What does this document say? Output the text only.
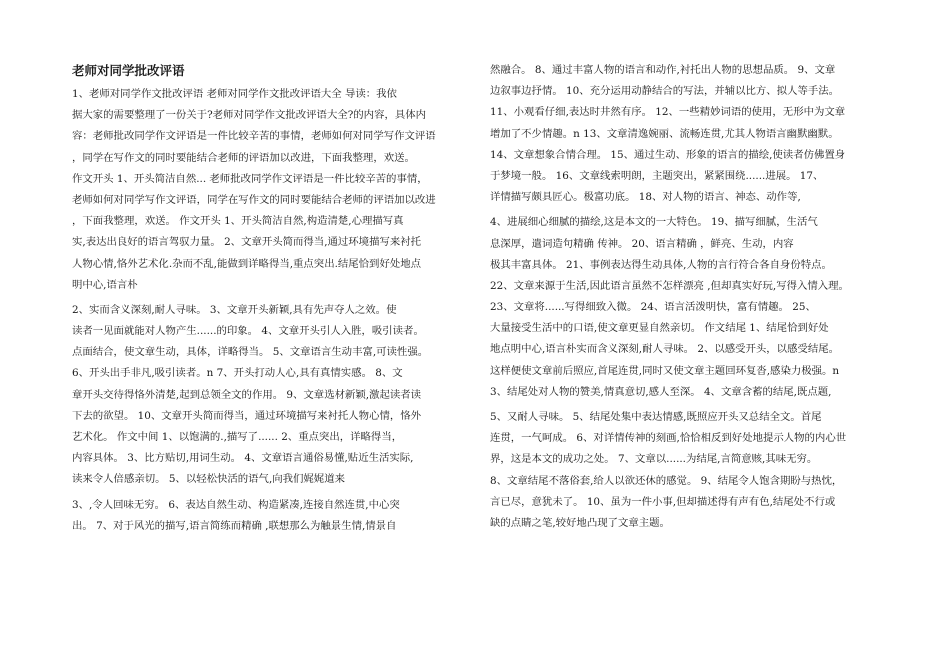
老师对同学批改评语
1、老师对同学作文批改评语 老师对同学作文批改评语大全 导读：我依
据大家的需要整理了一份关于?老师对同学作文批改评语大全?的内容，具体内
容：老师批改同学作文评语是一件比较辛苦的事情，老师如何对同学写作文评语
，同学在写作文的同时要能结合老师的评语加以改进，下面我整理，欢送。
作文开头 1、开头简洁自然... 老师批改同学作文评语是一件比较辛苦的事情，
老师如何对同学写作文评语，同学在写作文的同时要能结合老师的评语加以改进
，下面我整理，欢送。 作文开头 1、开头简洁自然,构造清楚,心理描写真
实,表达出良好的语言驾驭力量。 2、文章开头简而得当,通过环境描写来衬托
人物心情,恪外艺术化.杂而不乱,能做到详略得当,重点突出.结尾恰到好处地点
明中心,语言朴
2、实而含义深刻,耐人寻味。 3、文章开头新颖,具有先声夺人之效。使
读者一见面就能对人物产生......的印象。 4、文章开头引人入胜，吸引读者。
点面结合，使文章生动，具体，详略得当。 5、文章语言生动丰富,可读性强。
6、开头出手非凡,吸引读者。n 7、开头打动人心,具有真情实感。 8、文
章开头交待得恪外清楚,起到总领全文的作用。 9、文章选材新颖,激起读者读
下去的欲望。 10、文章开头简而得当，通过环境描写来衬托人物心情，恪外
艺术化。 作文中间 1、以饱满的.,描写了...... 2、重点突出，详略得当，
内容具体。 3、比方贴切,用词生动。 4、文章语言通俗易懂,贴近生活实际,
读来令人倍感亲切。 5、以轻松快活的语气,向我们娓娓道来
3、,令人回味无穷。 6、表达自然生动、构造紧凑,连接自然连贯,中心突
出。 7、对于风光的描写,语言简练而精确 ,联想那么为触景生情,情景自
然融合。 8、通过丰富人物的语言和动作,衬托出人物的思想品质。 9、文章
边叙事边抒情。 10、充分运用动静结合的写法，并辅以比方、拟人等手法。
11、小观看仔细,表达时井然有序。 12、一些精妙词语的使用，无形中为文章
增加了不少情趣。n 13、文章清逸婉丽、流畅连贯,尤其人物语言幽默幽默。
14、文章想象合情合理。 15、通过生动、形象的语言的描绘,使读者仿佛置身
于梦境一般。 16、文章线索明朗，主题突出，紧紧围绕......进展。 17、
详情描写颇具匠心。极富功底。 18、对人物的语言、神态、动作等,
4、进展细心细腻的描绘,这是本文的一大特色。 19、描写细腻，生活气
息深厚，遣词造句精确 传神。 20、语言精确 ，鲜亮、生动，内容
极其丰富具体。 21、事例表达得生动具体,人物的言行符合各自身份特点。
22、文章来源于生活,因此语言虽然不怎样漂亮 ,但却真实好玩,写得入情入理。
23、文章将......写得细致入微。 24、语言活泼明快，富有情趣。 25、
大量接受生活中的口语,使文章更显自然亲切。 作文结尾 1、结尾恰到好处
地点明中心,语言朴实而含义深刻,耐人寻味。 2、以感受开头，以感受结尾。
这样便使文章前后照应,首尾连贯,同时又使文章主题回环复沓,感染力极强。n
3、结尾处对人物的赞美,情真意切,感人至深。 4、文章含蓄的结尾,既点题,
5、又耐人寻味。 5、结尾处集中表达情感,既照应开头又总结全文。首尾
连贯，一气呵成。 6、对详情传神的刻画,恰恰相反到好处地提示人物的内心世
界，这是本文的成功之处。 7、文章以......为结尾,言简意赅,其味无穷。
8、文章结尾不落俗套,给人以欲还休的感觉。 9、结尾令人饱含期盼与热忱，
言已尽，意犹未了。 10、虽为一件小事,但却描述得有声有色,结尾处不行或
缺的点睛之笔,较好地凸现了文章主题。
